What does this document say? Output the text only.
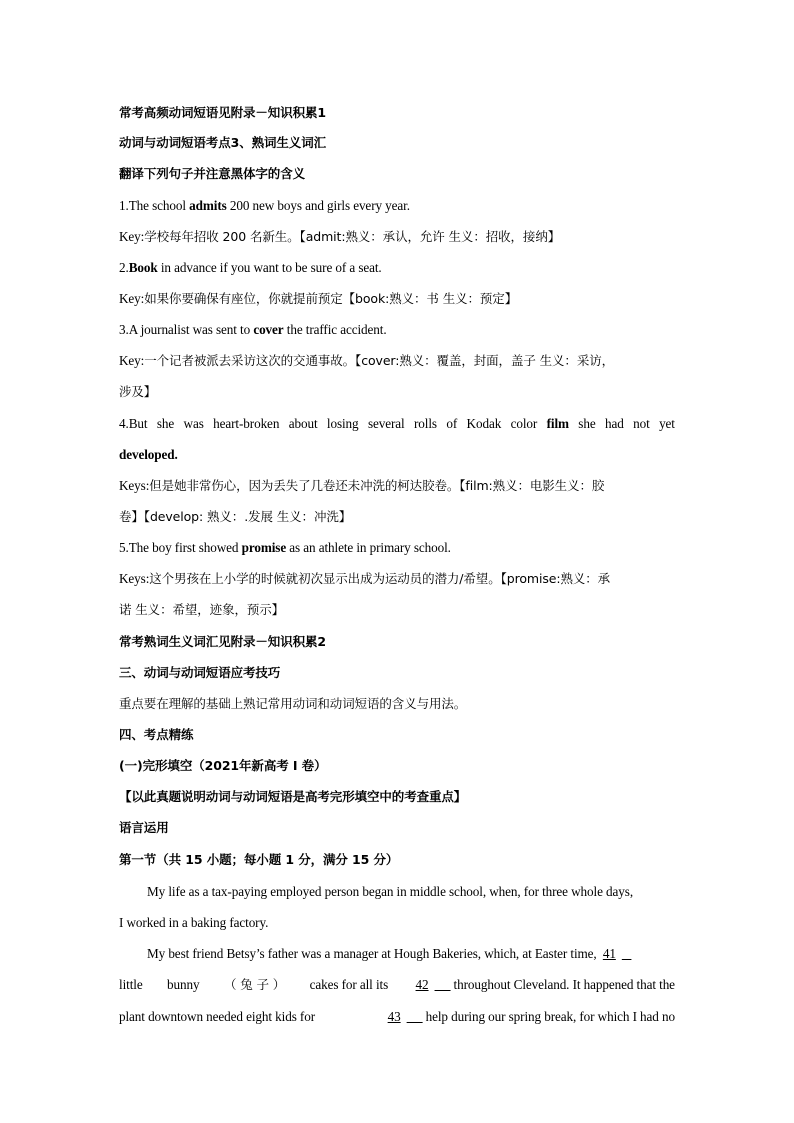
常考高频动词短语见附录－知识积累1
动词与动词短语考点3、熟词生义词汇
翻译下列句子并注意黑体字的含义
1.The school admits 200 new boys and girls every year.
Key:学校每年招收 200 名新生。【admit:熟义：承认，允许 生义：招收，接纳】
2.Book in advance if you want to be sure of a seat.
Key:如果你要确保有座位，你就提前预定【book:熟义：书 生义：预定】
3.A journalist was sent to cover the traffic accident.
Key:一个记者被派去采访这次的交通事故。【cover:熟义：覆盖，封面，盖子 生义：采访，
涉及】
4.But she was heart-broken about losing several rolls of Kodak color film she had not yet
developed.
Keys:但是她非常伤心，因为丢失了几卷还未冲洗的柯达胶卷。【film:熟义：电影生义：胶
卷】【develop: 熟义：.发展 生义：冲洗】
5.The boy first showed promise as an athlete in primary school.
Keys:这个男孩在上小学的时候就初次显示出成为运动员的潜力/希望。【promise:熟义：承
诺 生义：希望，迹象，预示】
常考熟词生义词汇见附录－知识积累2
三、动词与动词短语应考技巧
重点要在理解的基础上熟记常用动词和动词短语的含义与用法。
四、考点精练
(一)完形填空（2021年新高考 I 卷）
【以此真题说明动词与动词短语是高考完形填空中的考查重点】
语言运用
第一节（共 15 小题；每小题 1 分，满分 15 分）
My life as a tax-paying employed person began in middle school, when, for three whole days,
I worked in a baking factory.
My best friend Betsy’s father was a manager at Hough Bakeries, which, at Easter time, 41
little bunny （ 兔 子 ） cakes for all its 42 throughout Cleveland. It happened that the
plant downtown needed eight kids for	43 help during our spring break, for which I had no
